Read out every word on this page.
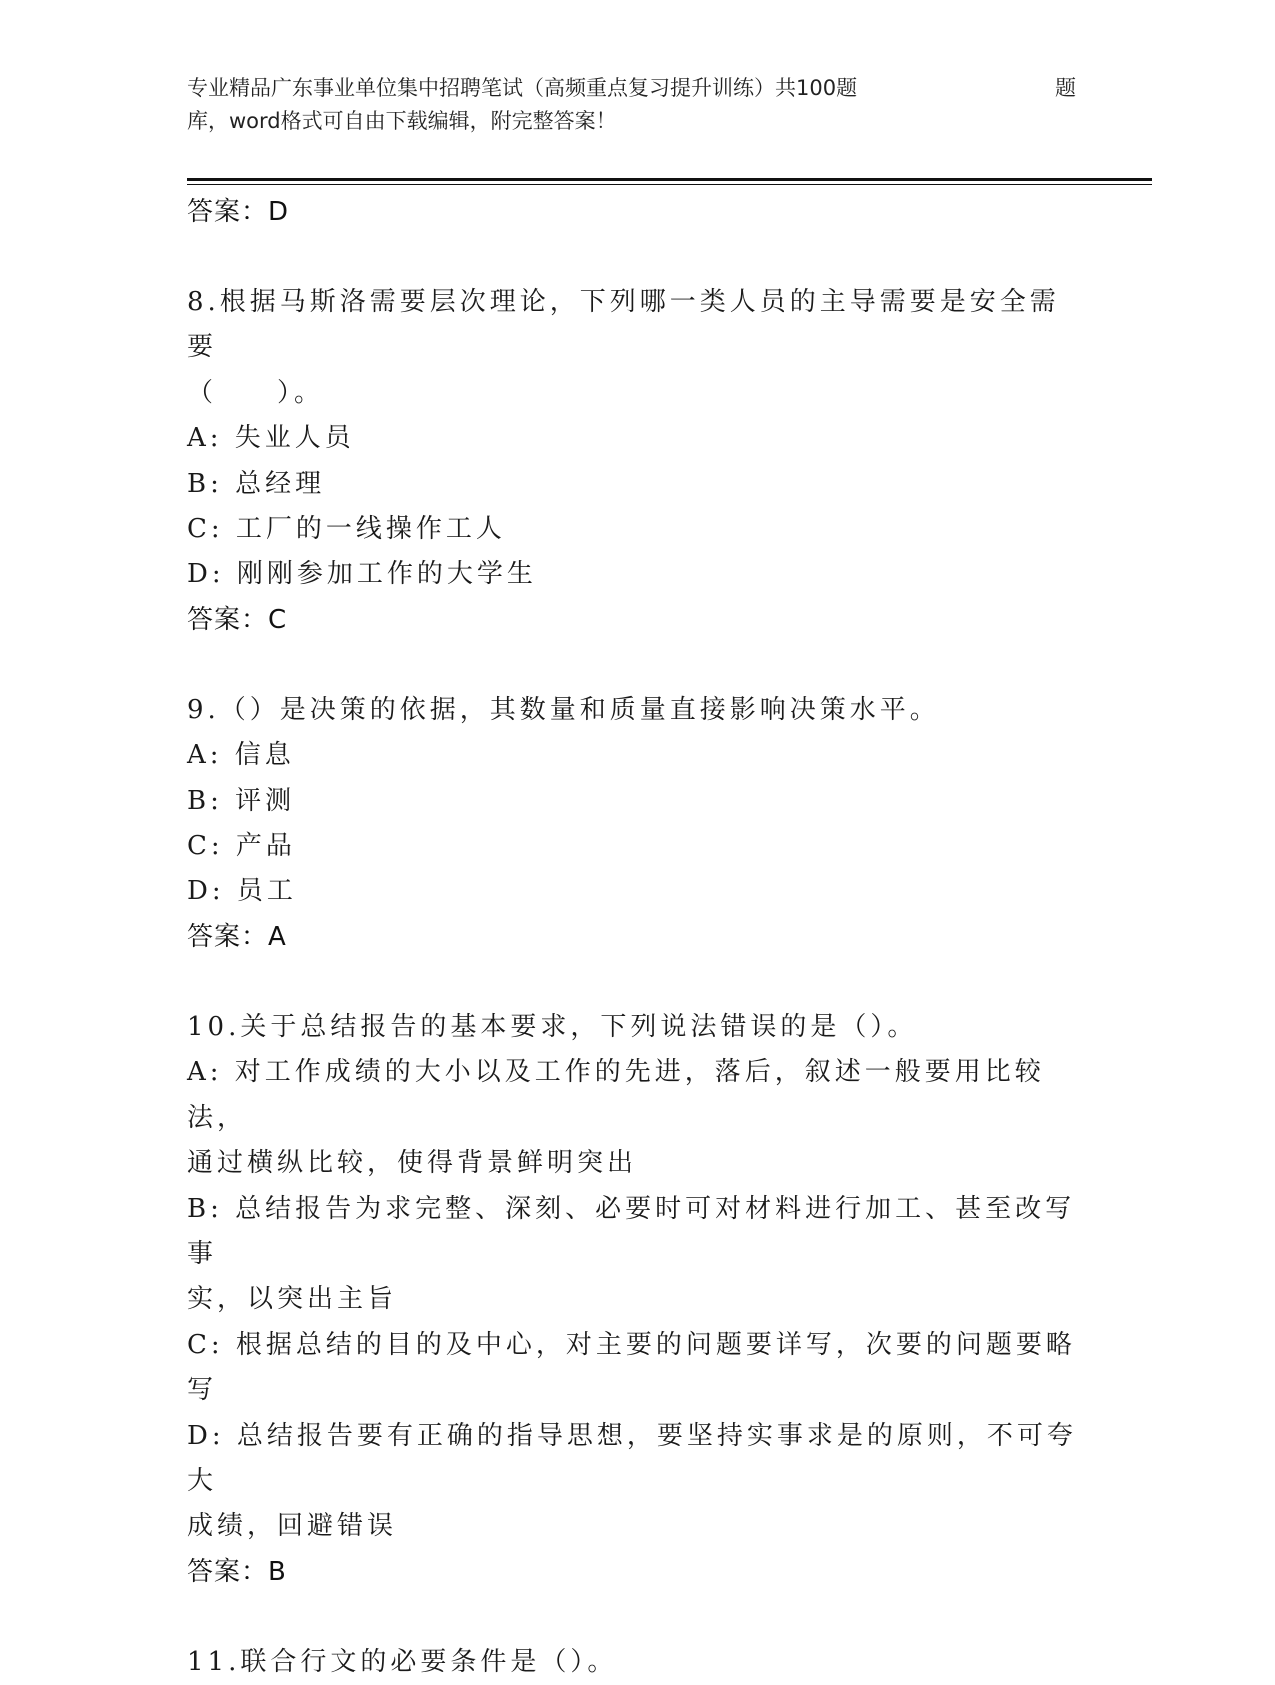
专业精品广东事业单位集中招聘笔试（高频重点复习提升训练）共100题	题
库，word格式可自由下载编辑，附完整答案！

答案：D

8.根据马斯洛需要层次理论，下列哪一类人员的主导需要是安全需要

（　　）。

A: 失业人员

B: 总经理

C: 工厂的一线操作工人

D: 刚刚参加工作的大学生

答案：C

9.（）是决策的依据，其数量和质量直接影响决策水平。

A: 信息

B: 评测

C: 产品

D: 员工

答案：A

10.关于总结报告的基本要求，下列说法错误的是（）。

A: 对工作成绩的大小以及工作的先进，落后，叙述一般要用比较法，

通过横纵比较，使得背景鲜明突出

B: 总结报告为求完整、深刻、必要时可对材料进行加工、甚至改写事

实，以突出主旨

C: 根据总结的目的及中心，对主要的问题要详写，次要的问题要略写

D: 总结报告要有正确的指导思想，要坚持实事求是的原则，不可夸大

成绩，回避错误

答案：B

11.联合行文的必要条件是（）。
